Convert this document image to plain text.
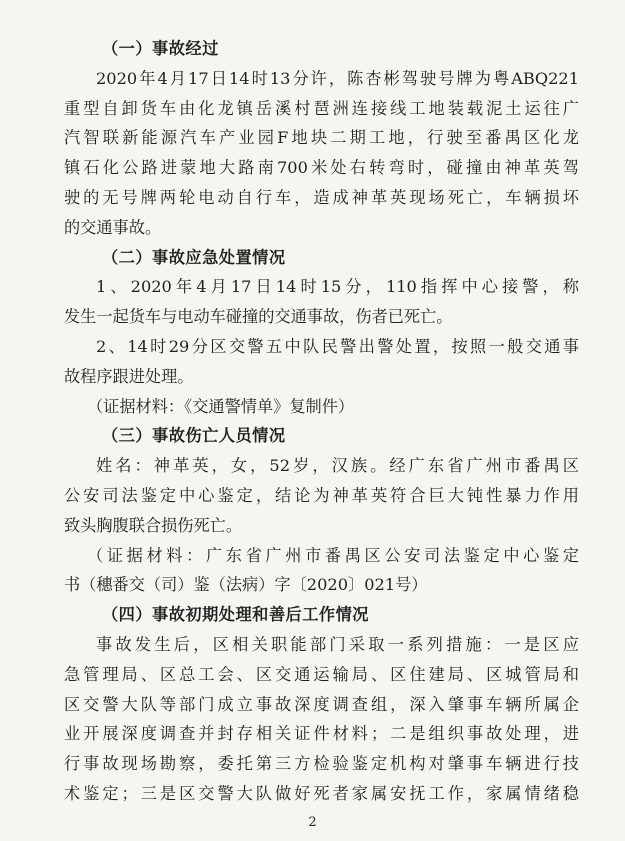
（一）事故经过
2020年4月17日14时13分许，陈杏彬驾驶号牌为粤ABQ221
重型自卸货车由化龙镇岳溪村琶洲连接线工地装载泥土运往广
汽智联新能源汽车产业园F地块二期工地，行驶至番禺区化龙
镇石化公路进蒙地大路南700米处右转弯时，碰撞由神革英驾
驶的无号牌两轮电动自行车，造成神革英现场死亡，车辆损坏
的交通事故。
（二）事故应急处置情况
1、2020年4月17日14时15分，110指挥中心接警，称
发生一起货车与电动车碰撞的交通事故，伤者已死亡。
2、14时29分区交警五中队民警出警处置，按照一般交通事
故程序跟进处理。
（证据材料：《交通警情单》复制件）
（三）事故伤亡人员情况
姓名：神革英，女，52岁，汉族。经广东省广州市番禺区
公安司法鉴定中心鉴定，结论为神革英符合巨大钝性暴力作用
致头胸腹联合损伤死亡。
（证据材料：广东省广州市番禺区公安司法鉴定中心鉴定
书（穗番交（司）鉴（法病）字〔2020〕021号）
（四）事故初期处理和善后工作情况
事故发生后，区相关职能部门采取一系列措施：一是区应
急管理局、区总工会、区交通运输局、区住建局、区城管局和
区交警大队等部门成立事故深度调查组，深入肇事车辆所属企
业开展深度调查并封存相关证件材料；二是组织事故处理，进
行事故现场勘察，委托第三方检验鉴定机构对肇事车辆进行技
术鉴定；三是区交警大队做好死者家属安抚工作，家属情绪稳
2
